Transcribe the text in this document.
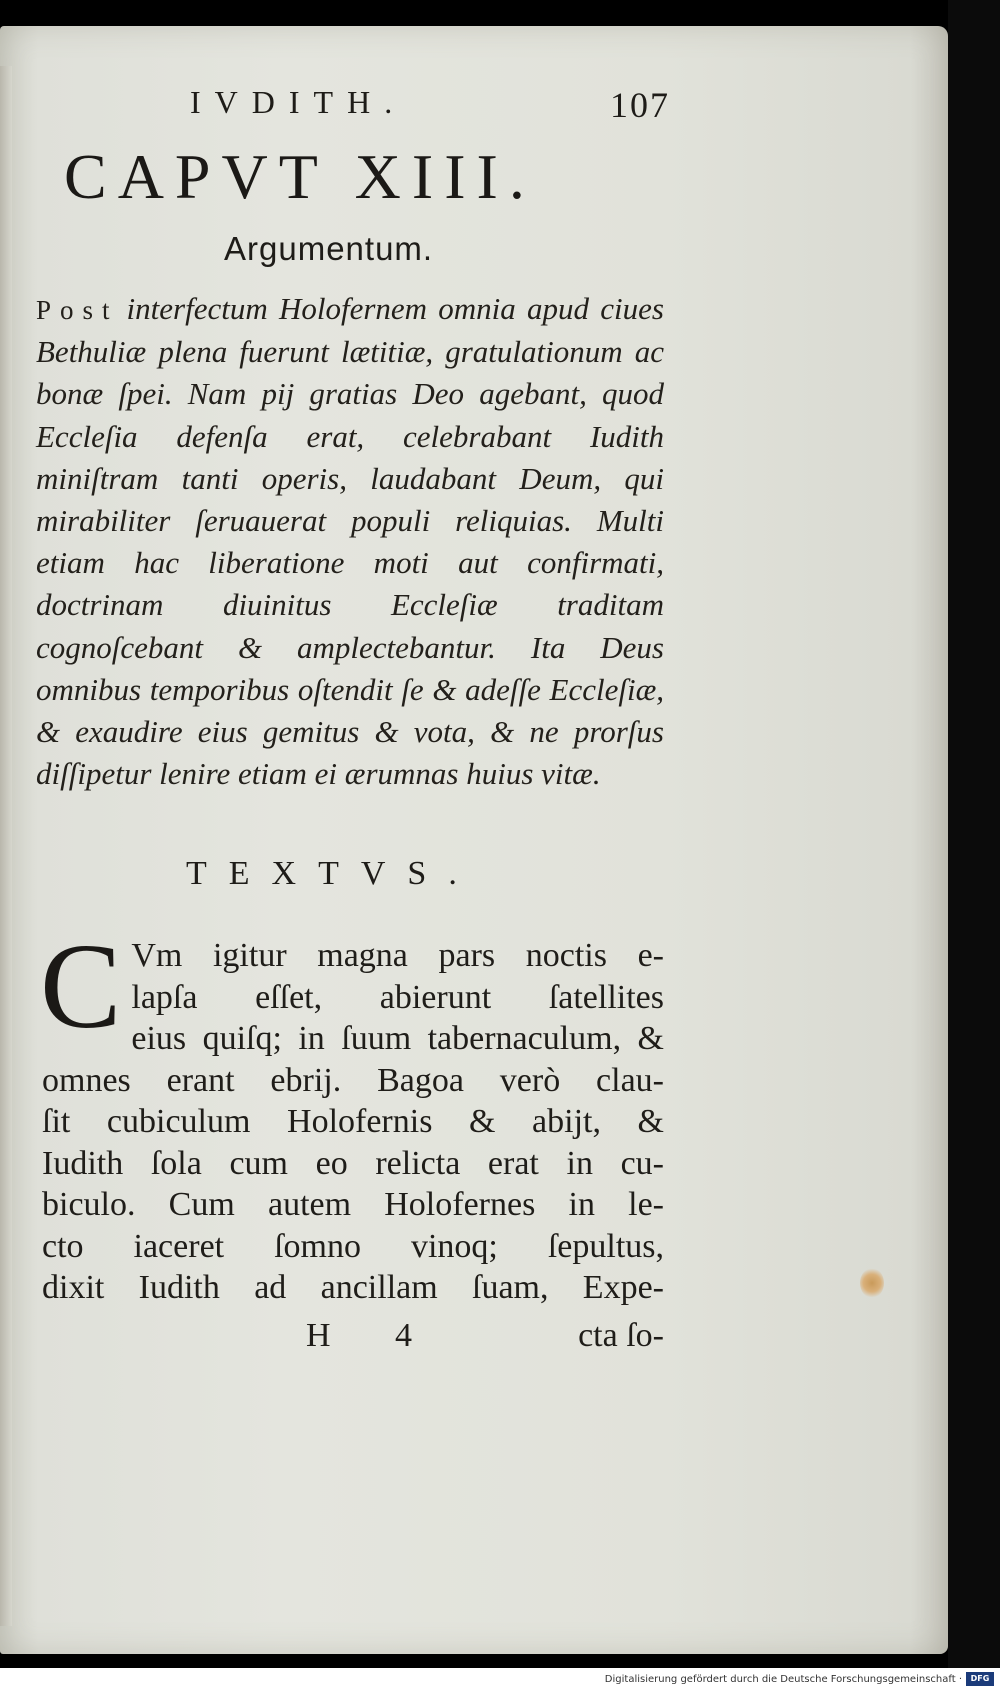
IVDITH.	107
CAPVT XIII.
Argumentum.
Post interfectum Holofernem omnia apud ciues Bethuliæ plena fuerunt lætitiæ, gratulationum ac bonæ ſpei. Nam pij gratias Deo agebant, quod Eccleſia defenſa erat, celebrabant Iudith miniſtram tanti operis, laudabant Deum, qui mirabiliter ſeruauerat populi reliquias. Multi etiam hac liberatione moti aut confirmati, doctrinam diuinitus Eccleſiæ traditam cognoſcebant & amplectebantur. Ita Deus omnibus temporibus oſtendit ſe & adeſſe Eccleſiæ, & exaudire eius gemitus & vota, & ne prorſus diſſipetur lenire etiam ei ærumnas huius vitæ.
TEXTVS.
C Vm igitur magna pars noctis e-
lapſa eſſet, abierunt ſatellites
eius quiſq; in ſuum tabernaculum, &
omnes erant ebrij. Bagoa verò clau-
ſit cubiculum Holofernis & abijt, &
Iudith ſola cum eo relicta erat in cu-
biculo. Cum autem Holofernes in le-
cto iaceret ſomno vinoq; ſepultus,
dixit Iudith ad ancillam ſuam, Expe-
H 4	cta ſo-
Digitalisierung gefördert durch die Deutsche Forschungsgemeinschaft ·	DFG
